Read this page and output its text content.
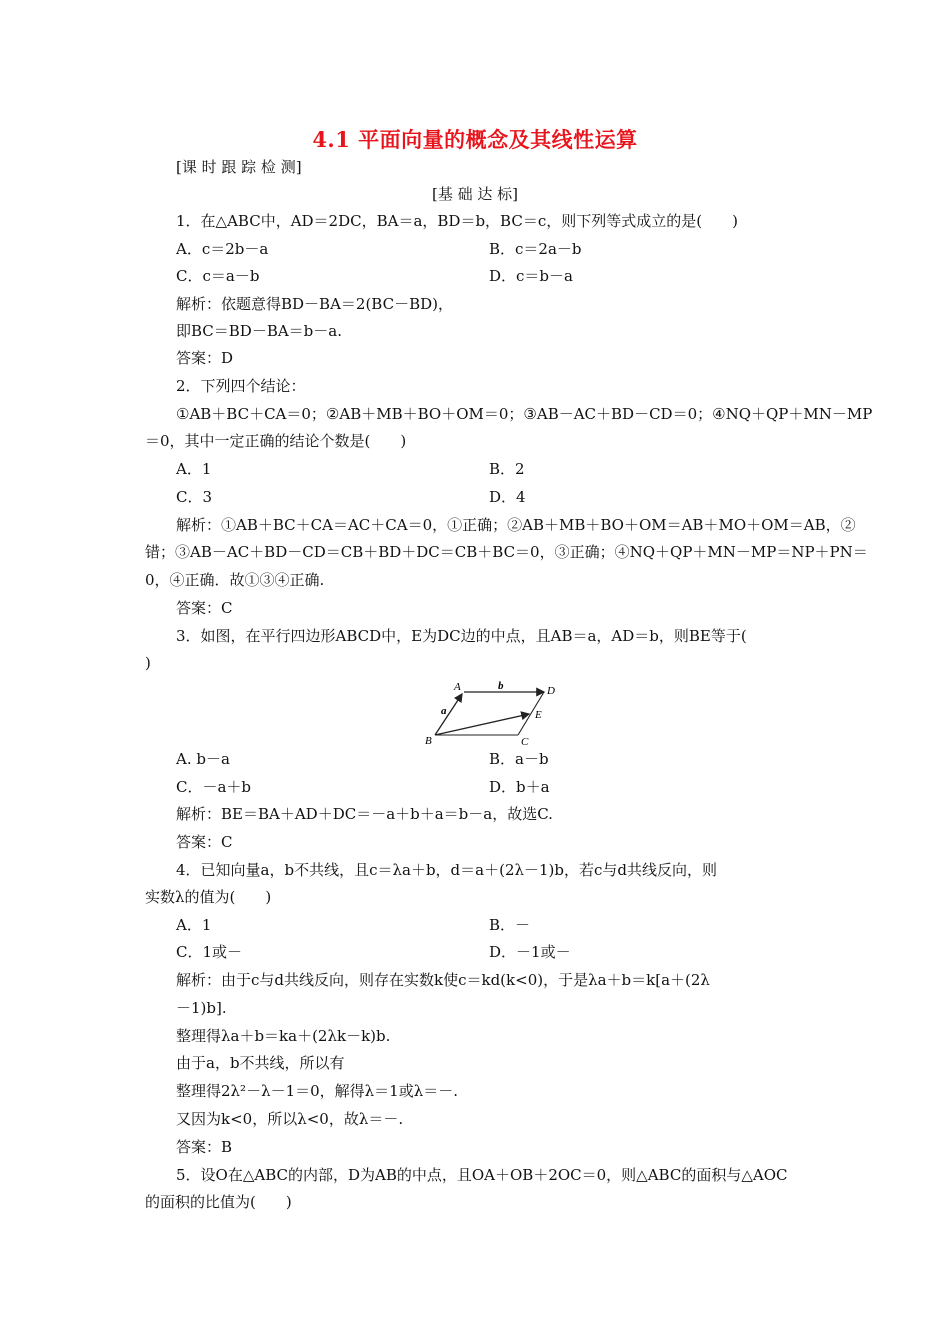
4.1 平面向量的概念及其线性运算
[课 时 跟 踪 检 测]
[基 础 达 标]
1．在△ABC中，AD＝2DC，BA＝a，BD＝b，BC＝c，则下列等式成立的是(　　)
A．c＝2b－a	B．c＝2a－b
C．c＝a－b	D．c＝b－a
解析：依题意得BD－BA＝2(BC－BD)，
即BC＝BD－BA＝b－a.
答案：D
2．下列四个结论：
①AB＋BC＋CA＝0；②AB＋MB＋BO＋OM＝0；③AB－AC＋BD－CD＝0；④NQ＋QP＋MN－MP
＝0，其中一定正确的结论个数是(　　)
A．1	B．2
C．3	D．4
解析：①AB＋BC＋CA＝AC＋CA＝0，①正确；②AB＋MB＋BO＋OM＝AB＋MO＋OM＝AB，②
错；③AB－AC＋BD－CD＝CB＋BD＋DC＝CB＋BC＝0，③正确；④NQ＋QP＋MN－MP＝NP＋PN＝
0，④正确．故①③④正确.
答案：C
3．如图，在平行四边形ABCD中，E为DC边的中点，且AB＝a，AD＝b，则BE等于(
)
A. b－a	B．a－b
C．－a＋b	D．b＋a
解析：BE＝BA＋AD＋DC＝－a＋b＋a＝b－a，故选C.
答案：C
4．已知向量a，b不共线，且c＝λa＋b，d＝a＋(2λ－1)b，若c与d共线反向，则
实数λ的值为(　　)
A．1	B．－
C．1或－	D．－1或－
解析：由于c与d共线反向，则存在实数k使c＝kd(k<0)，于是λa＋b＝k[a＋(2λ
－1)b].
整理得λa＋b＝ka＋(2λk－k)b.
由于a，b不共线，所以有
整理得2λ²－λ－1＝0，解得λ＝1或λ＝－.
又因为k<0，所以λ<0，故λ＝－.
答案：B
5．设O在△ABC的内部，D为AB的中点，且OA＋OB＋2OC＝0，则△ABC的面积与△AOC
的面积的比值为(　　)
A	D
E
C
B
a
b
